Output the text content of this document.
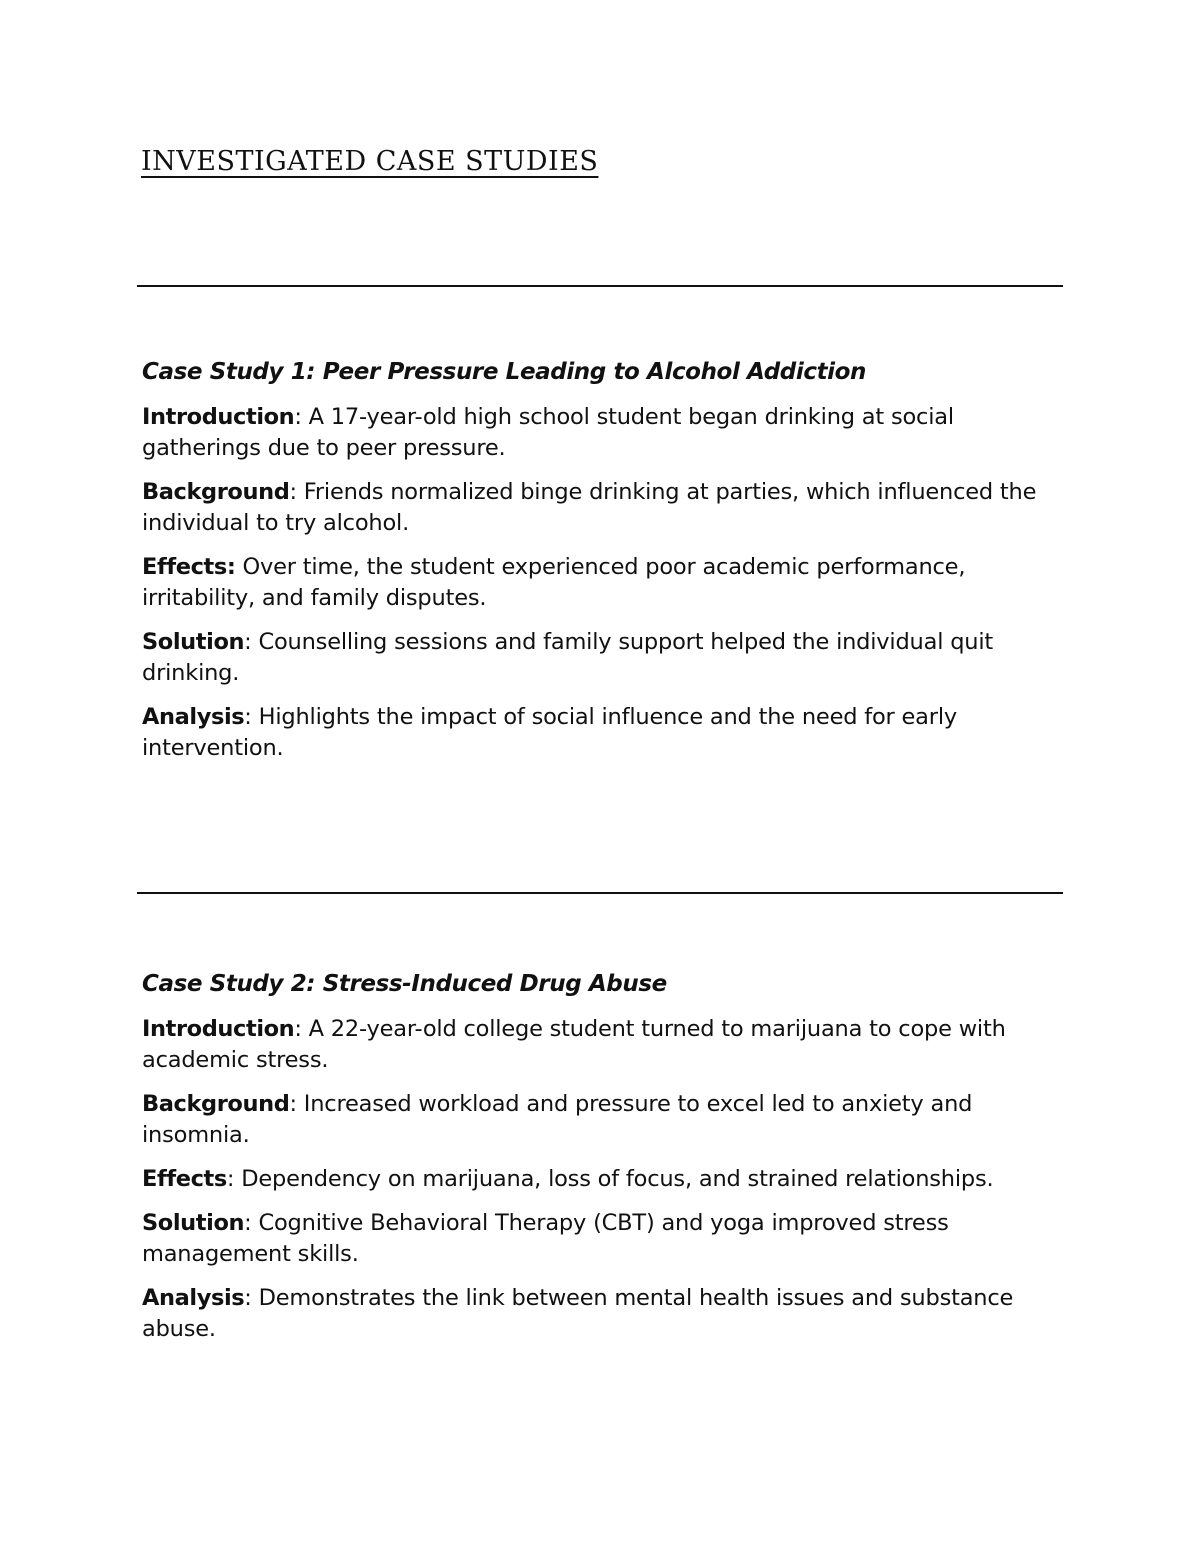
INVESTIGATED CASE STUDIES
Case Study 1: Peer Pressure Leading to Alcohol Addiction

Introduction: A 17-year-old high school student began drinking at social gatherings due to peer pressure.

Background: Friends normalized binge drinking at parties, which influenced the individual to try alcohol.

Effects: Over time, the student experienced poor academic performance, irritability, and family disputes.

Solution: Counselling sessions and family support helped the individual quit drinking.

Analysis: Highlights the impact of social influence and the need for early intervention.

Case Study 2: Stress-Induced Drug Abuse

Introduction: A 22-year-old college student turned to marijuana to cope with academic stress.

Background: Increased workload and pressure to excel led to anxiety and insomnia.

Effects: Dependency on marijuana, loss of focus, and strained relationships.

Solution: Cognitive Behavioral Therapy (CBT) and yoga improved stress management skills.

Analysis: Demonstrates the link between mental health issues and substance abuse.
